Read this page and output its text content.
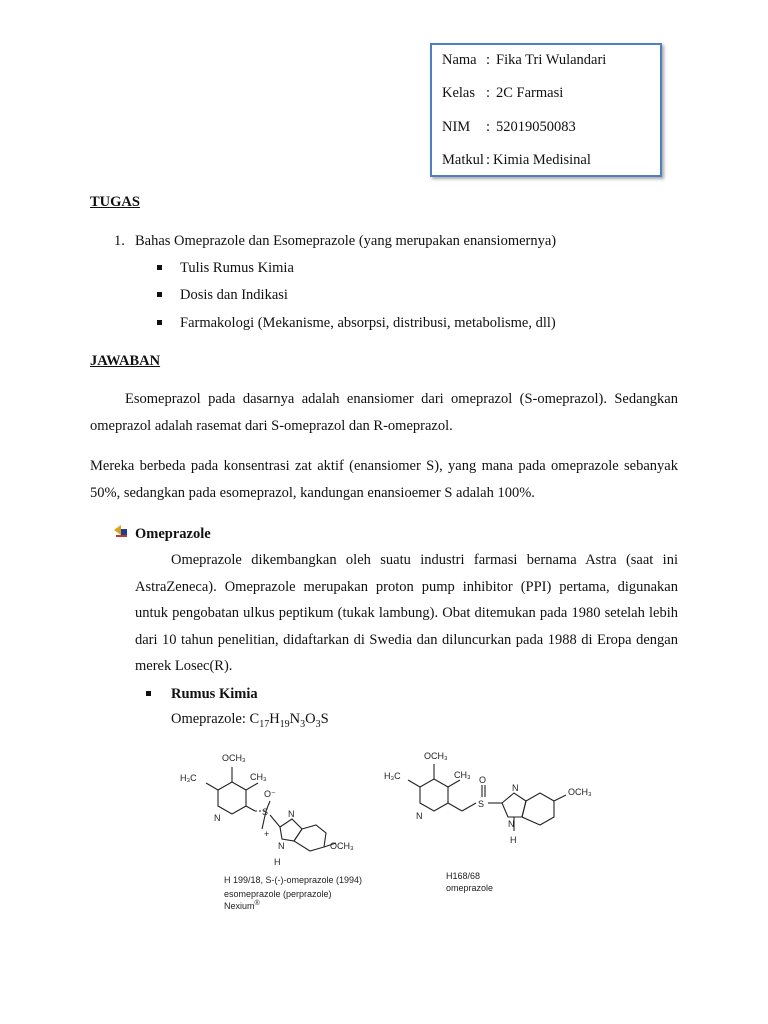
Nama : Fika Tri Wulandari
Kelas : 2C Farmasi
NIM : 52019050083
Matkul : Kimia Medisinal
TUGAS
1. Bahas Omeprazole dan Esomeprazole (yang merupakan enansiomernya)
Tulis Rumus Kimia
Dosis dan Indikasi
Farmakologi (Mekanisme, absorpsi, distribusi, metabolisme, dll)
JAWABAN
Esomeprazol pada dasarnya adalah enansiomer dari omeprazol (S-omeprazol). Sedangkan omeprazol adalah rasemat dari S-omeprazol dan R-omeprazol.
Mereka berbeda pada konsentrasi zat aktif (enansiomer S), yang mana pada omeprazole sebanyak 50%, sedangkan pada esomeprazol, kandungan enansioemer S adalah 100%.
Omeprazole
Omeprazole dikembangkan oleh suatu industri farmasi bernama Astra (saat ini AstraZeneca). Omeprazole merupakan proton pump inhibitor (PPI) pertama, digunakan untuk pengobatan ulkus peptikum (tukak lambung). Obat ditemukan pada 1980 setelah lebih dari 10 tahun penelitian, didaftarkan di Swedia dan diluncurkan pada 1988 di Eropa dengan merek Losec(R).
Rumus Kimia
Omeprazole: $C_{17}H_{19}N_3O_3S$
OCH₃
H₃C	CH₃
N
O⁻
S
+
N
N
H
OCH₃
OCH₃
H₃C	CH₃
N
O
S
N
N
H
OCH₃
H 199/18, S-(-)-omeprazole (1994)
esomeprazole (perprazole)
Nexium®
H168/68
omeprazole
